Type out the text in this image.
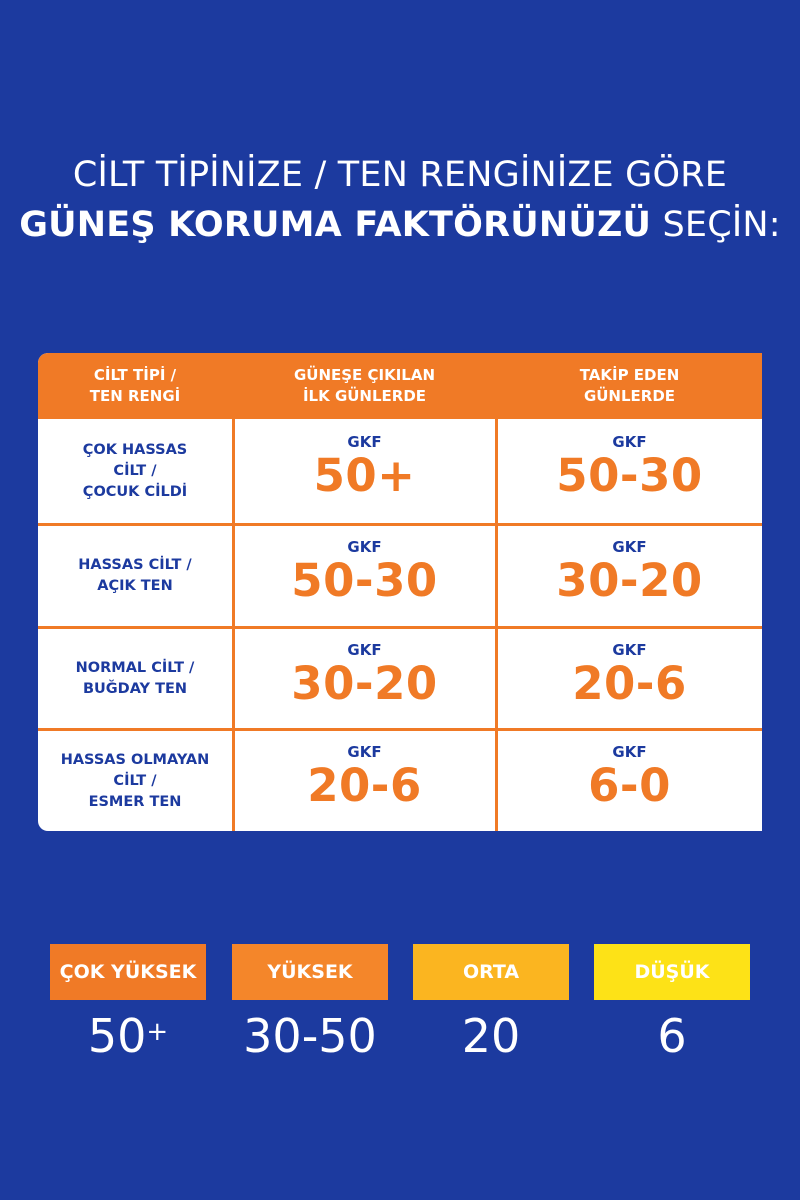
CİLT TİPİNİZE / TEN RENGİNİZE GÖRE
GÜNEŞ KORUMA FAKTÖRÜNÜZÜ SEÇİN:
CİLT TİPİ /
TEN RENGİ
GÜNEŞE ÇIKILAN
İLK GÜNLERDE
TAKİP EDEN
GÜNLERDE
ÇOK HASSAS
CİLT /
ÇOCUK CİLDİ
GKF
50+
GKF
50-30
HASSAS CİLT /
AÇIK TEN
GKF
50-30
GKF
30-20
NORMAL CİLT /
BUĞDAY TEN
GKF
30-20
GKF
20-6
HASSAS OLMAYAN
CİLT /
ESMER TEN
GKF
20-6
GKF
6-0
ÇOK YÜKSEK
50+
YÜKSEK
30-50
ORTA
20
DÜŞÜK
6
